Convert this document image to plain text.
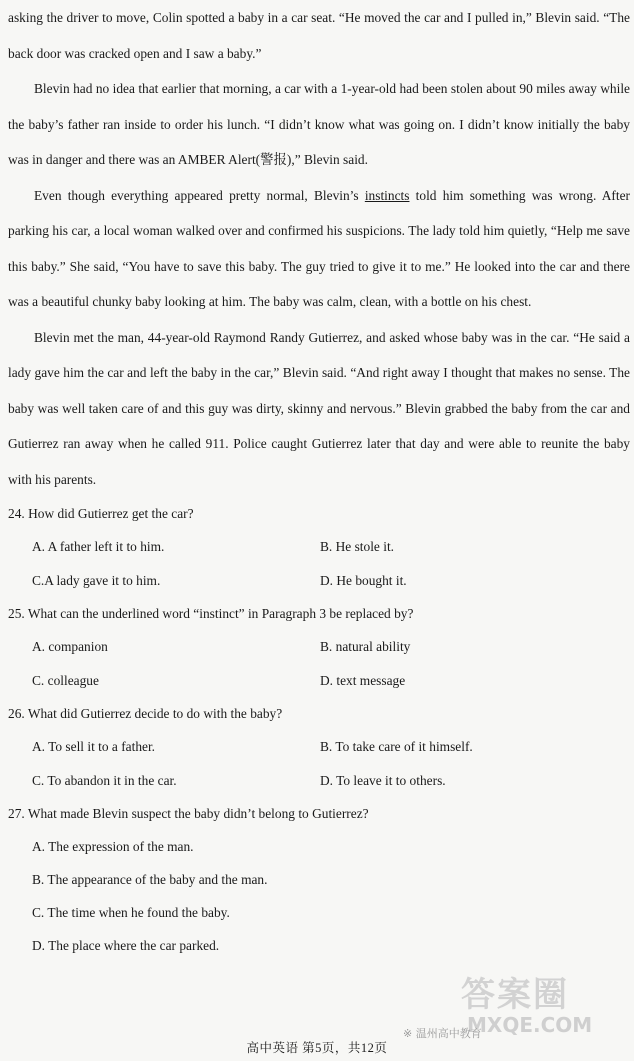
asking the driver to move, Colin spotted a baby in a car seat. “He moved the car and I pulled in,” Blevin said. “The back door was cracked open and I saw a baby.”

Blevin had no idea that earlier that morning, a car with a 1-year-old had been stolen about 90 miles away while the baby’s father ran inside to order his lunch. “I didn’t know what was going on. I didn’t know initially the baby was in danger and there was an AMBER Alert(警报),” Blevin said.

Even though everything appeared pretty normal, Blevin’s instincts told him something was wrong. After parking his car, a local woman walked over and confirmed his suspicions. The lady told him quietly, “Help me save this baby.” She said, “You have to save this baby. The guy tried to give it to me.” He looked into the car and there was a beautiful chunky baby looking at him. The baby was calm, clean, with a bottle on his chest.

Blevin met the man, 44-year-old Raymond Randy Gutierrez, and asked whose baby was in the car. “He said a lady gave him the car and left the baby in the car,” Blevin said. “And right away I thought that makes no sense. The baby was well taken care of and this guy was dirty, skinny and nervous.” Blevin grabbed the baby from the car and Gutierrez ran away when he called 911. Police caught Gutierrez later that day and were able to reunite the baby with his parents.

24. How did Gutierrez get the car?
A. A father left it to him.	B. He stole it.
C.A lady gave it to him.	D. He bought it.
25. What can the underlined word “instinct” in Paragraph 3 be replaced by?
A. companion	B. natural ability
C. colleague	D. text message
26. What did Gutierrez decide to do with the baby?
A. To sell it to a father.	B. To take care of it himself.
C. To abandon it in the car.	D. To leave it to others.
27. What made Blevin suspect the baby didn’t belong to Gutierrez?
A. The expression of the man.
B. The appearance of the baby and the man.
C. The time when he found the baby.
D. The place where the car parked.
答案圈
MXQE.COM
※ 温州高中教育
高中英语 第5页，共12页
